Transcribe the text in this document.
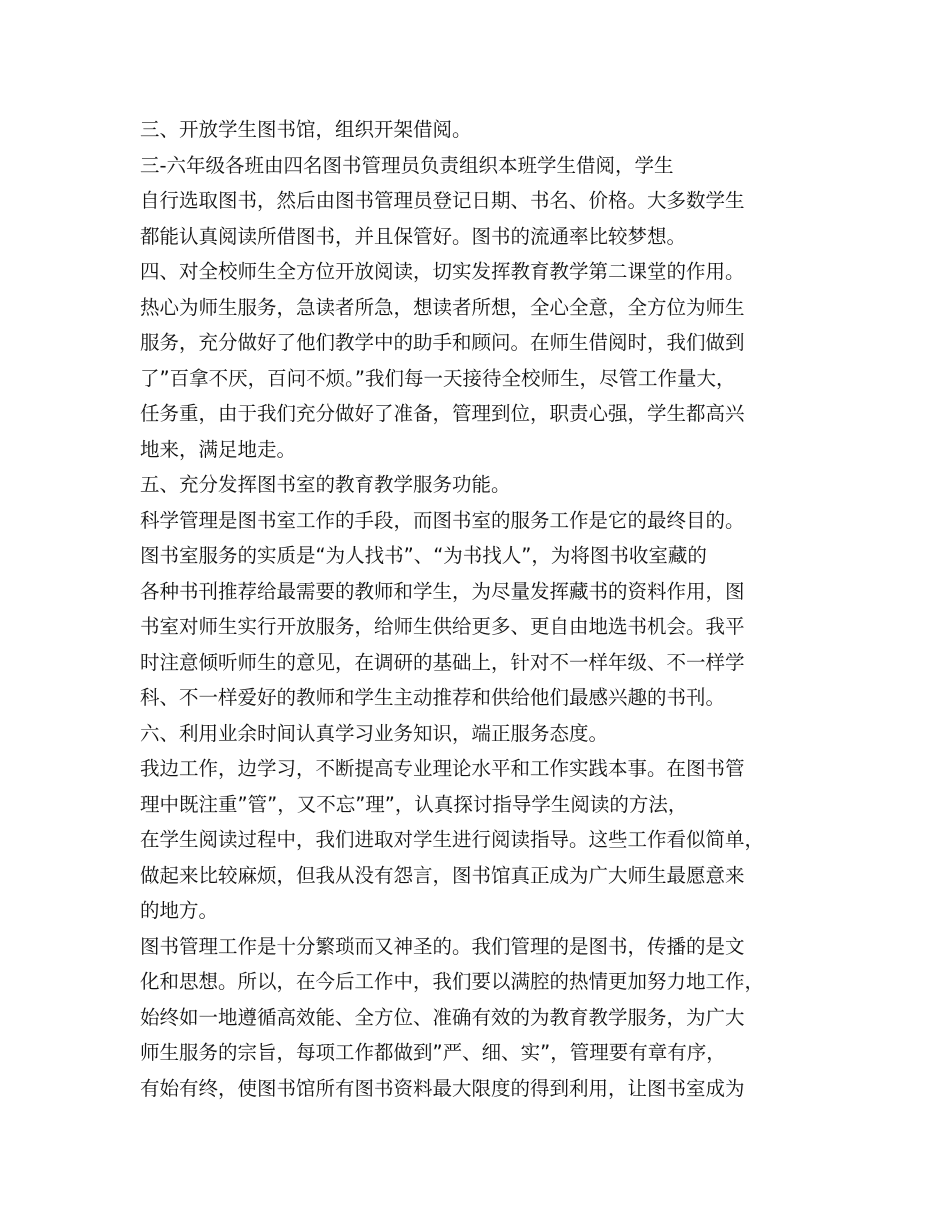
三、开放学生图书馆，组织开架借阅。
三-六年级各班由四名图书管理员负责组织本班学生借阅，学生
自行选取图书，然后由图书管理员登记日期、书名、价格。大多数学生
都能认真阅读所借图书，并且保管好。图书的流通率比较梦想。
四、对全校师生全方位开放阅读，切实发挥教育教学第二课堂的作用。
热心为师生服务，急读者所急，想读者所想，全心全意，全方位为师生
服务，充分做好了他们教学中的助手和顾问。在师生借阅时，我们做到
了”百拿不厌，百问不烦。”我们每一天接待全校师生，尽管工作量大，
任务重，由于我们充分做好了准备，管理到位，职责心强，学生都高兴
地来，满足地走。
五、充分发挥图书室的教育教学服务功能。
科学管理是图书室工作的手段，而图书室的服务工作是它的最终目的。
图书室服务的实质是“为人找书”、“为书找人”，为将图书收室藏的
各种书刊推荐给最需要的教师和学生，为尽量发挥藏书的资料作用，图
书室对师生实行开放服务，给师生供给更多、更自由地选书机会。我平
时注意倾听师生的意见，在调研的基础上，针对不一样年级、不一样学
科、不一样爱好的教师和学生主动推荐和供给他们最感兴趣的书刊。
六、利用业余时间认真学习业务知识，端正服务态度。
我边工作，边学习，不断提高专业理论水平和工作实践本事。在图书管
理中既注重”管”，又不忘”理”，认真探讨指导学生阅读的方法，
在学生阅读过程中，我们进取对学生进行阅读指导。这些工作看似简单，
做起来比较麻烦，但我从没有怨言，图书馆真正成为广大师生最愿意来
的地方。
图书管理工作是十分繁琐而又神圣的。我们管理的是图书，传播的是文
化和思想。所以，在今后工作中，我们要以满腔的热情更加努力地工作，
始终如一地遵循高效能、全方位、准确有效的为教育教学服务，为广大
师生服务的宗旨，每项工作都做到”严、细、实”，管理要有章有序，
有始有终，使图书馆所有图书资料最大限度的得到利用，让图书室成为
